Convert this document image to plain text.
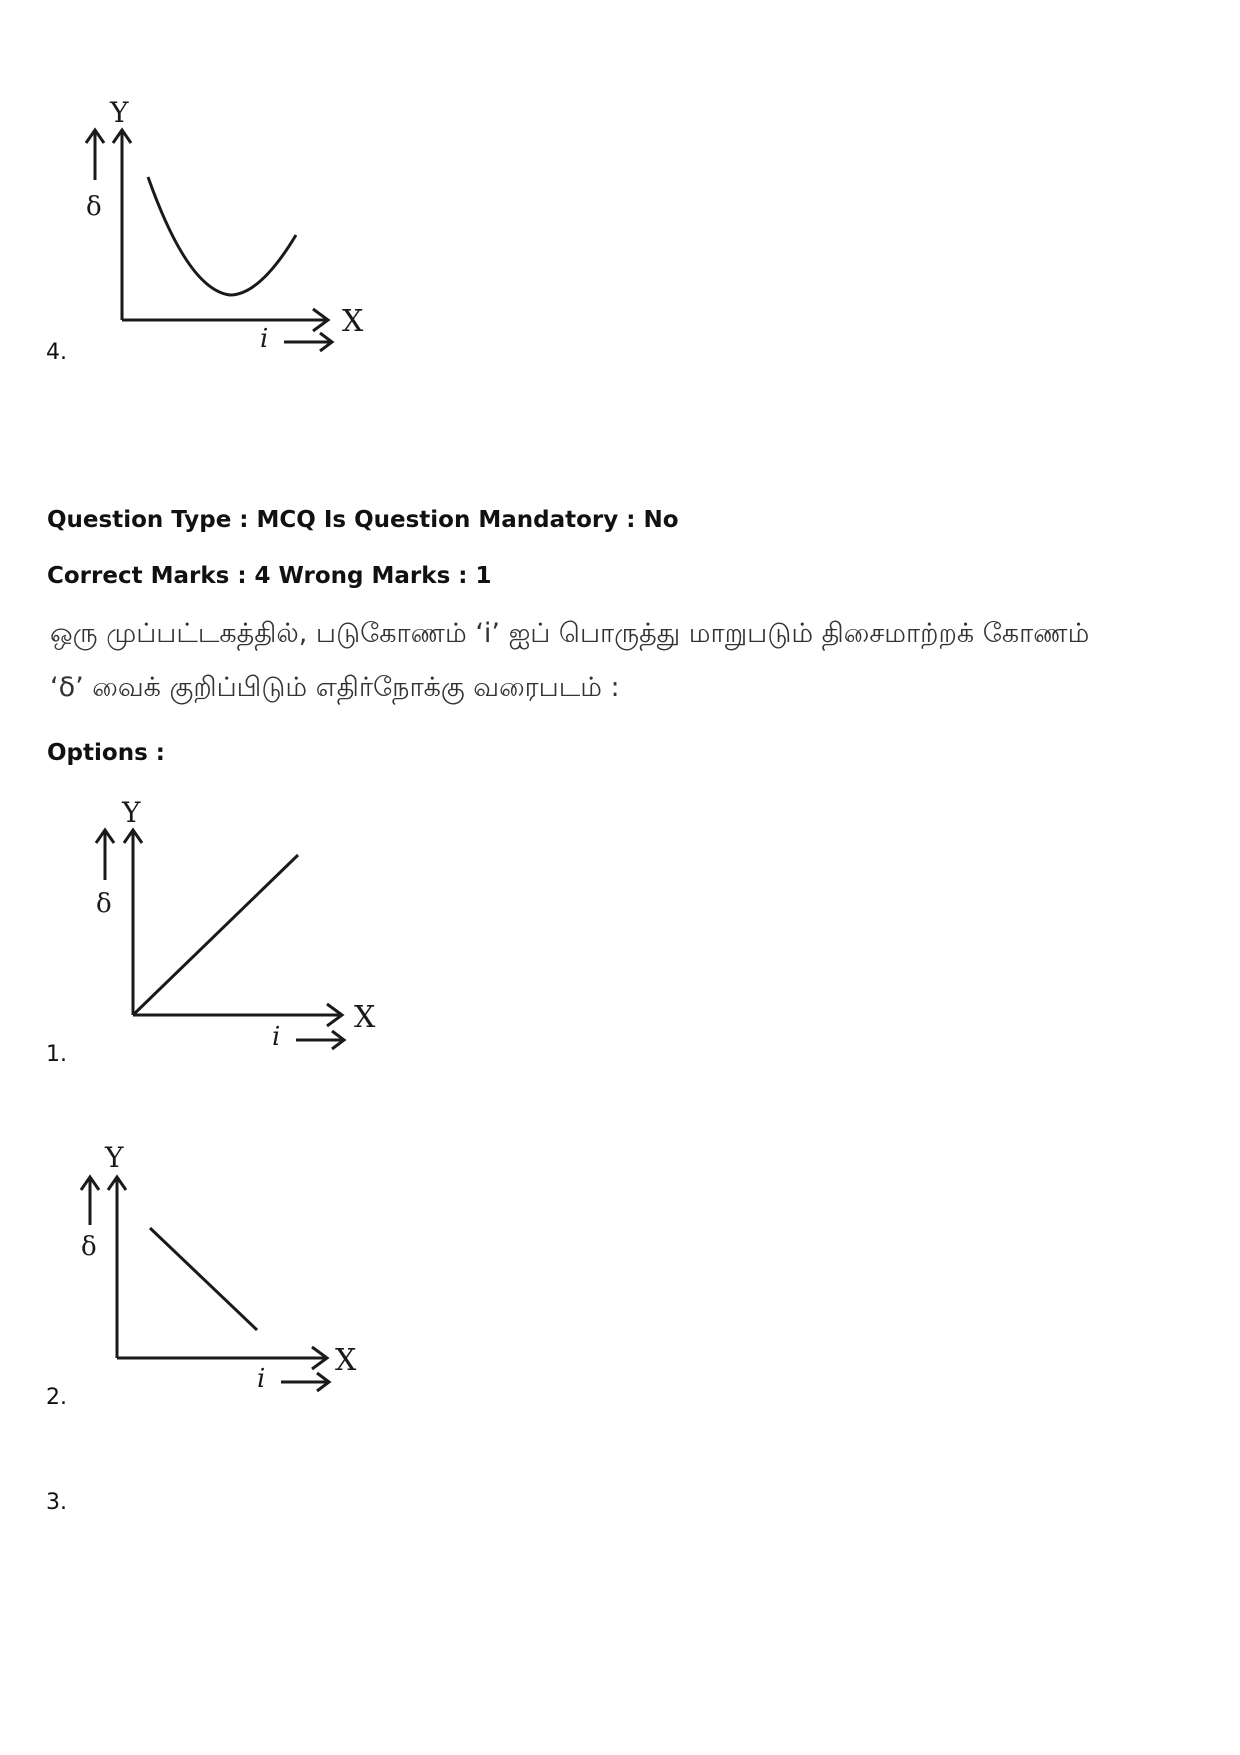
Y
δ
X
i
4.
Question Type : MCQ Is Question Mandatory : No
Correct Marks : 4 Wrong Marks : 1
ஒரு முப்பட்டகத்தில், படுகோணம் ‘i’ ஐப் பொருத்து மாறுபடும் திசைமாற்றக் கோணம்
‘δ’ வைக் குறிப்பிடும் எதிர்நோக்கு வரைபடம் :
Options :
Y
δ
X
i
1.
Y
δ
X
i
2.
3.
